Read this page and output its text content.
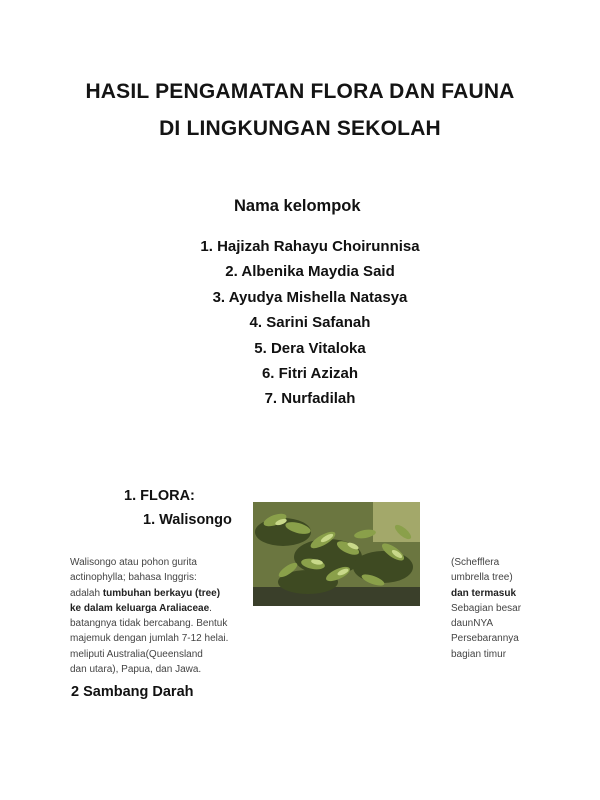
HASIL PENGAMATAN FLORA DAN FAUNA
DI LINGKUNGAN SEKOLAH
Nama kelompok
1. Hajizah Rahayu Choirunnisa
2. Albenika Maydia Said
3. Ayudya Mishella Natasya
4. Sarini Safanah
5. Dera Vitaloka
6. Fitri Azizah
7. Nurfadilah
1. FLORA:
1. Walisongo
Walisongo atau pohon gurita
actinophylla; bahasa Inggris:
adalah tumbuhan berkayu (tree)
ke dalam keluarga Araliaceae.
batangnya tidak bercabang. Bentuk
majemuk dengan jumlah 7-12 helai.
meliputi Australia(Queensland
dan utara), Papua, dan Jawa.
(Schefflera
umbrella tree)
dan termasuk
Sebagian besar
daunNYA
Persebarannya
bagian timur
2 Sambang Darah
